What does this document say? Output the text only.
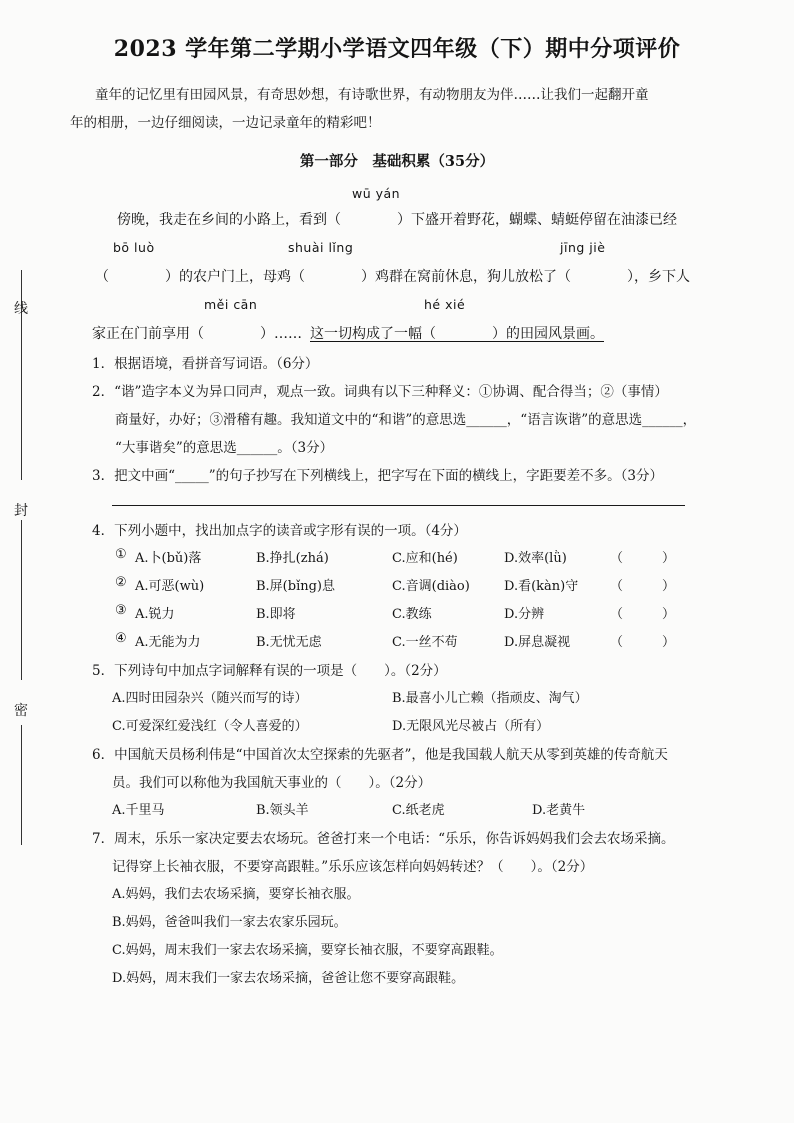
线
封
密
2023 学年第二学期小学语文四年级（下）期中分项评价
童年的记忆里有田园风景，有奇思妙想，有诗歌世界，有动物朋友为伴……让我们一起翻开童
年的相册，一边仔细阅读，一边记录童年的精彩吧！
第一部分　基础积累（35分）
wū yán
傍晚，我走在乡间的小路上，看到（　　　　）下盛开着野花，蝴蝶、蜻蜓停留在油漆已经
bō luò	shuài lǐng	jīng jiè
（　　　　）的农户门上，母鸡（　　　　）鸡群在窝前休息，狗儿放松了（　　　　），乡下人
měi cān	hé xié
家正在门前享用（　　　　）…… 这一切构成了一幅（　　　　）的田园风景画。
1．根据语境，看拼音写词语。（6分）
2．“谐”造字本义为异口同声，观点一致。词典有以下三种释义：①协调、配合得当；②（事情）
商量好，办好；③滑稽有趣。我知道文中的“和谐”的意思选______，“语言诙谐”的意思选______，
“大事谐矣”的意思选______。（3分）
3．把文中画“_____”的句子抄写在下列横线上，把字写在下面的横线上，字距要差不多。（3分）
4．下列小题中，找出加点字的读音或字形有误的一项。（4分）
① A.卜(bǔ)落	B.挣扎(zhá)	C.应和(hé)	D.效率(lǜ)	（　　　）
② A.可恶(wù)	B.屏(bǐng)息	C.音调(diào)	D.看(kàn)守 （　　　）
③ A.锐力	B.即将	C.教练	D.分辨	（　　　）
④ A.无能为力	B.无忧无虑	C.一丝不苟	D.屏息凝视	（　　　）
5．下列诗句中加点字词解释有误的一项是（　　）。（2分）
A.四时田园杂兴（随兴而写的诗）	B.最喜小儿亡赖（指顽皮、淘气）
C.可爱深红爱浅红（令人喜爱的）	D.无限风光尽被占（所有）
6．中国航天员杨利伟是“中国首次太空探索的先驱者”，他是我国载人航天从零到英雄的传奇航天
员。我们可以称他为我国航天事业的（　　）。（2分）
A.千里马	B.领头羊	C.纸老虎	D.老黄牛
7．周末，乐乐一家决定要去农场玩。爸爸打来一个电话：“乐乐，你告诉妈妈我们会去农场采摘。
记得穿上长袖衣服，不要穿高跟鞋。”乐乐应该怎样向妈妈转述？（　　）。（2分）
A.妈妈，我们去农场采摘，要穿长袖衣服。
B.妈妈，爸爸叫我们一家去农家乐园玩。
C.妈妈，周末我们一家去农场采摘，要穿长袖衣服，不要穿高跟鞋。
D.妈妈，周末我们一家去农场采摘，爸爸让您不要穿高跟鞋。
